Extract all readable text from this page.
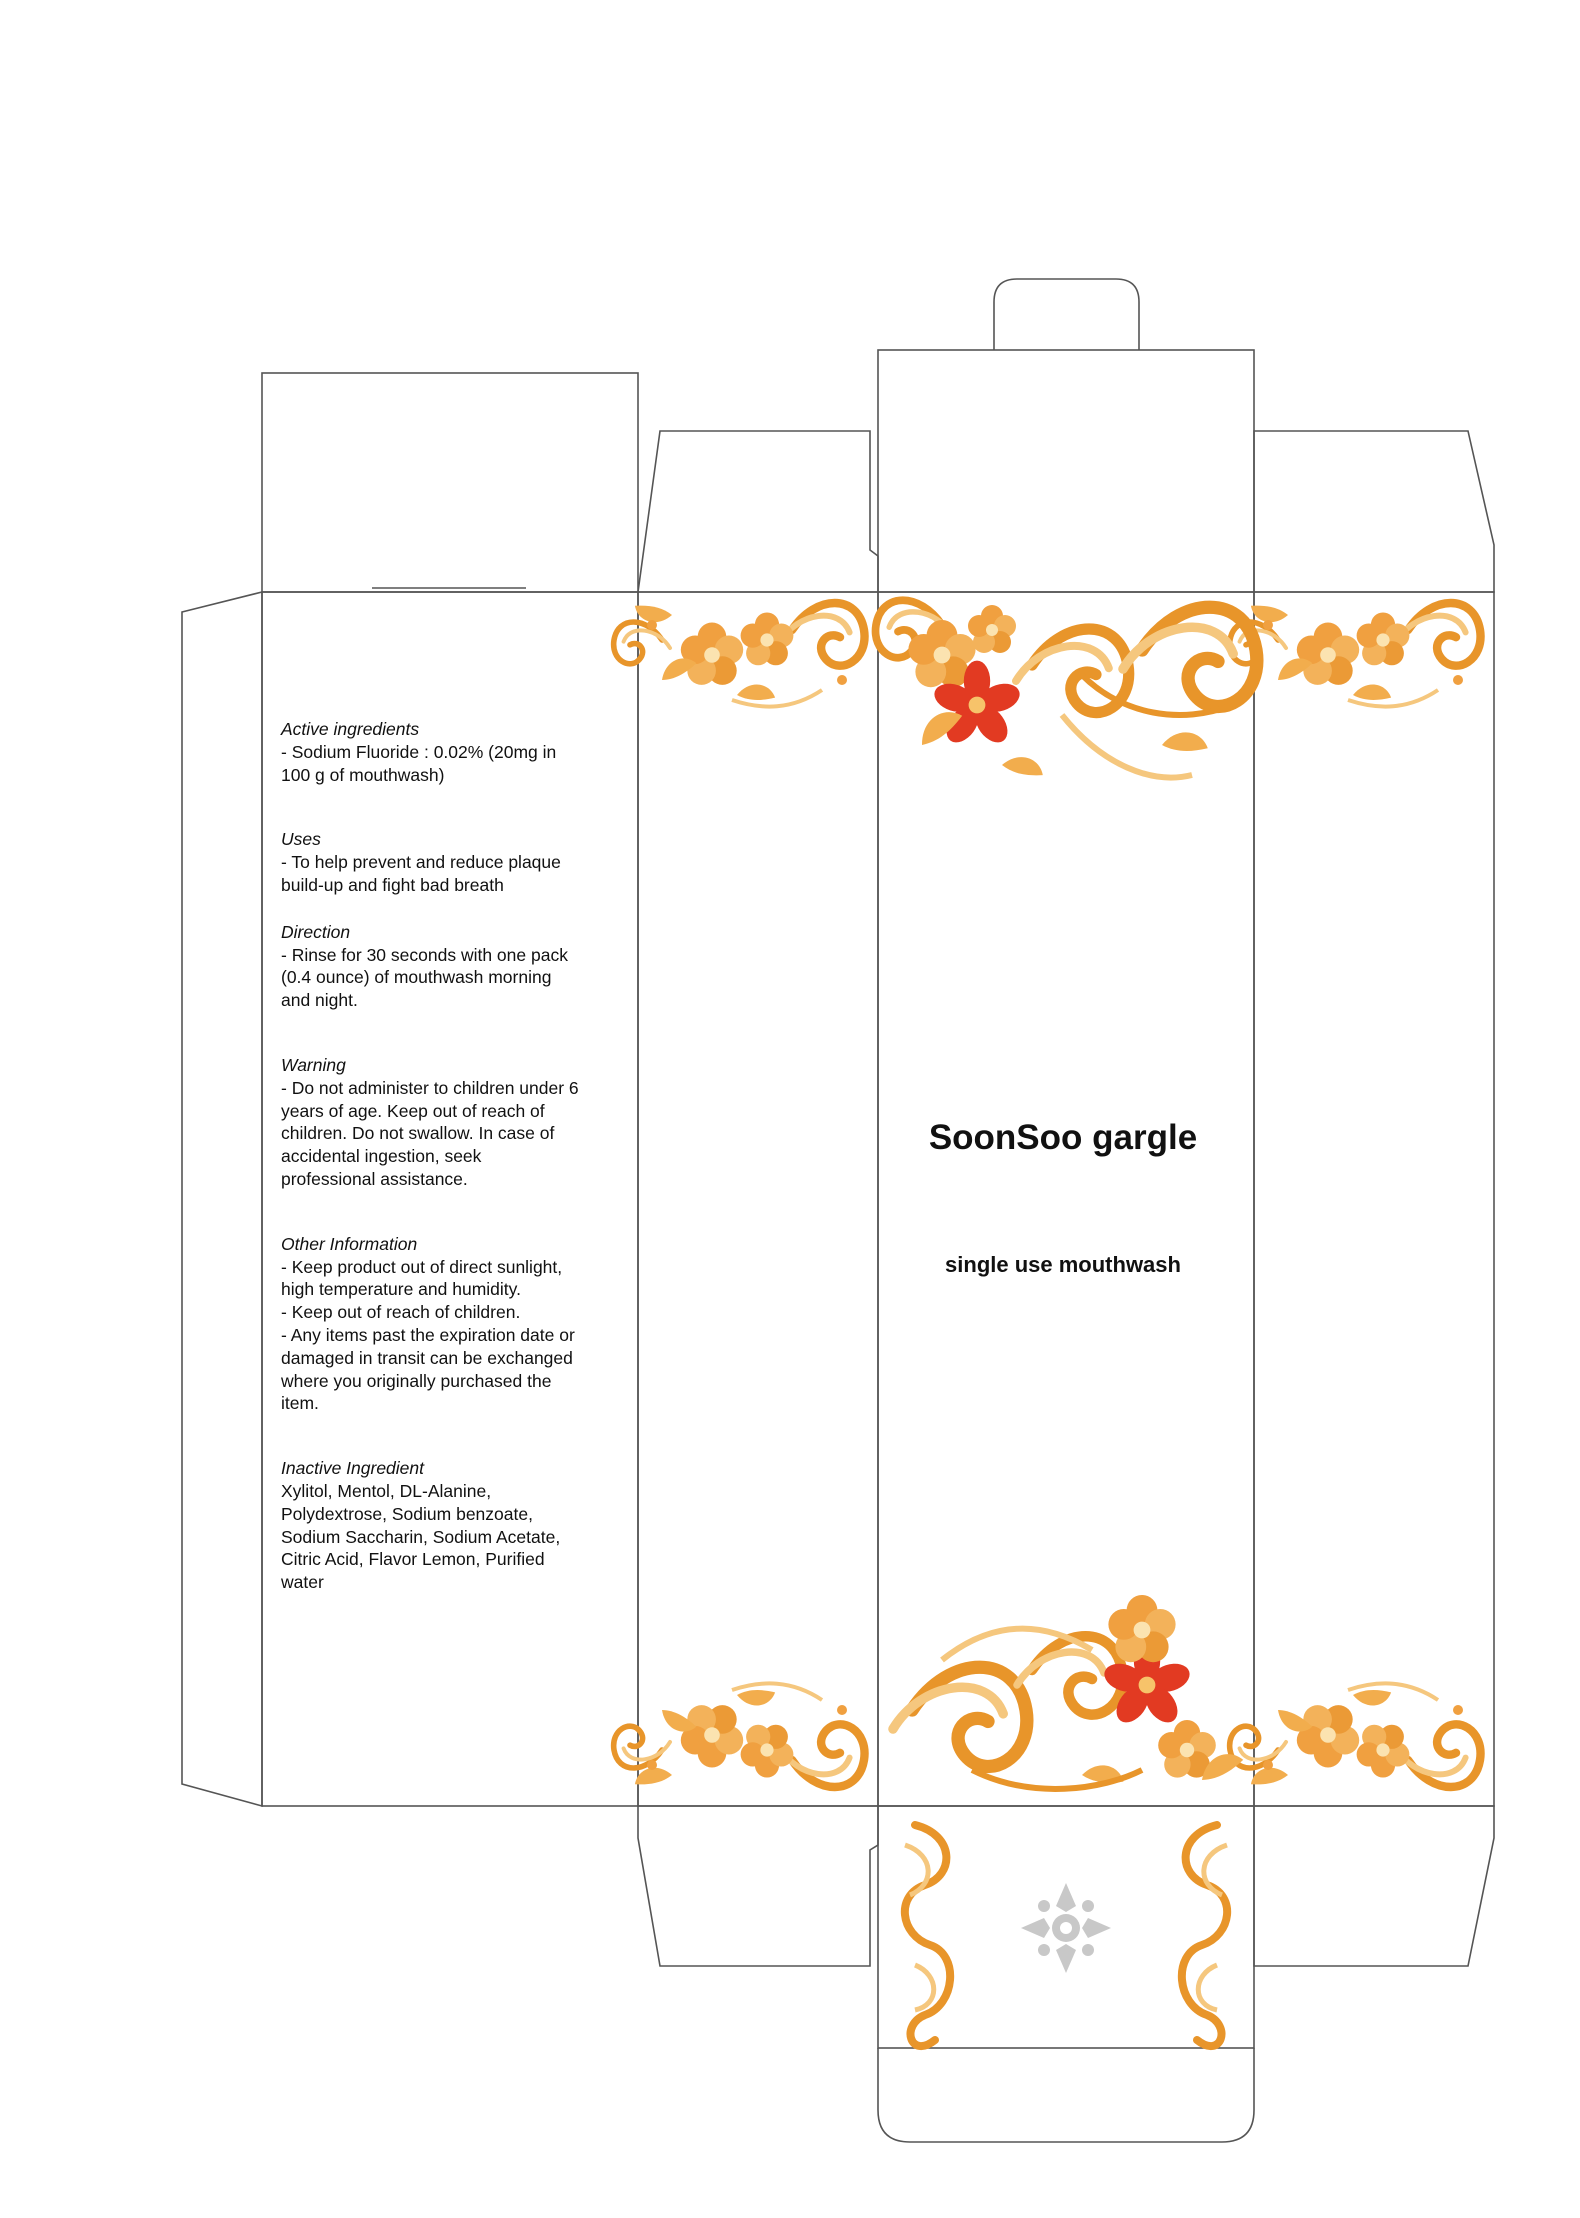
Active ingredients
- Sodium Fluoride : 0.02% (20mg in
100 g of mouthwash)
Uses
- To help prevent and reduce plaque
build-up and fight bad breath
Direction
- Rinse for 30 seconds with one pack
(0.4 ounce) of mouthwash morning
and night.
Warning
- Do not administer to children under 6
years of age. Keep out of reach of
children. Do not swallow. In case of
accidental ingestion, seek
professional assistance.
Other Information
- Keep product out of direct sunlight,
high temperature and humidity.
- Keep out of reach of children.
- Any items past the expiration date or
damaged in transit can be exchanged
where you originally purchased the
item.
Inactive Ingredient
Xylitol, Mentol, DL-Alanine,
Polydextrose, Sodium benzoate,
Sodium Saccharin, Sodium Acetate,
Citric Acid, Flavor Lemon, Purified
water
SoonSoo gargle
single use mouthwash
